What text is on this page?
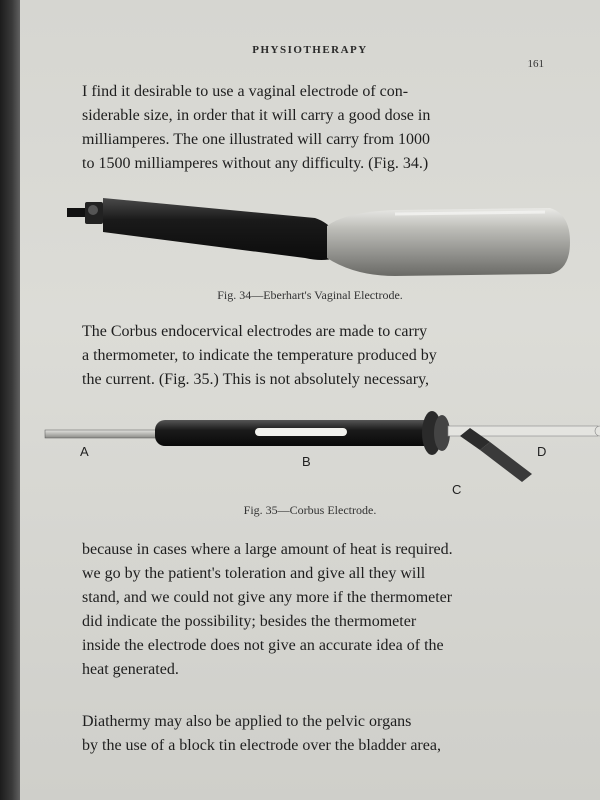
PHYSIOTHERAPY
161

I find it desirable to use a vaginal electrode of con-
siderable size, in order that it will carry a good dose in
milliamperes. The one illustrated will carry from 1000
to 1500 milliamperes without any difficulty. (Fig. 34.)

Fig. 34—Eberhart's Vaginal Electrode.

The Corbus endocervical electrodes are made to carry
a thermometer, to indicate the temperature produced by
the current. (Fig. 35.) This is not absolutely necessary,

A
B
C
D
Fig. 35—Corbus Electrode.

because in cases where a large amount of heat is required.
we go by the patient's toleration and give all they will
stand, and we could not give any more if the thermometer
did indicate the possibility; besides the thermometer
inside the electrode does not give an accurate idea of the
heat generated.

Diathermy may also be applied to the pelvic organs
by the use of a block tin electrode over the bladder area,
